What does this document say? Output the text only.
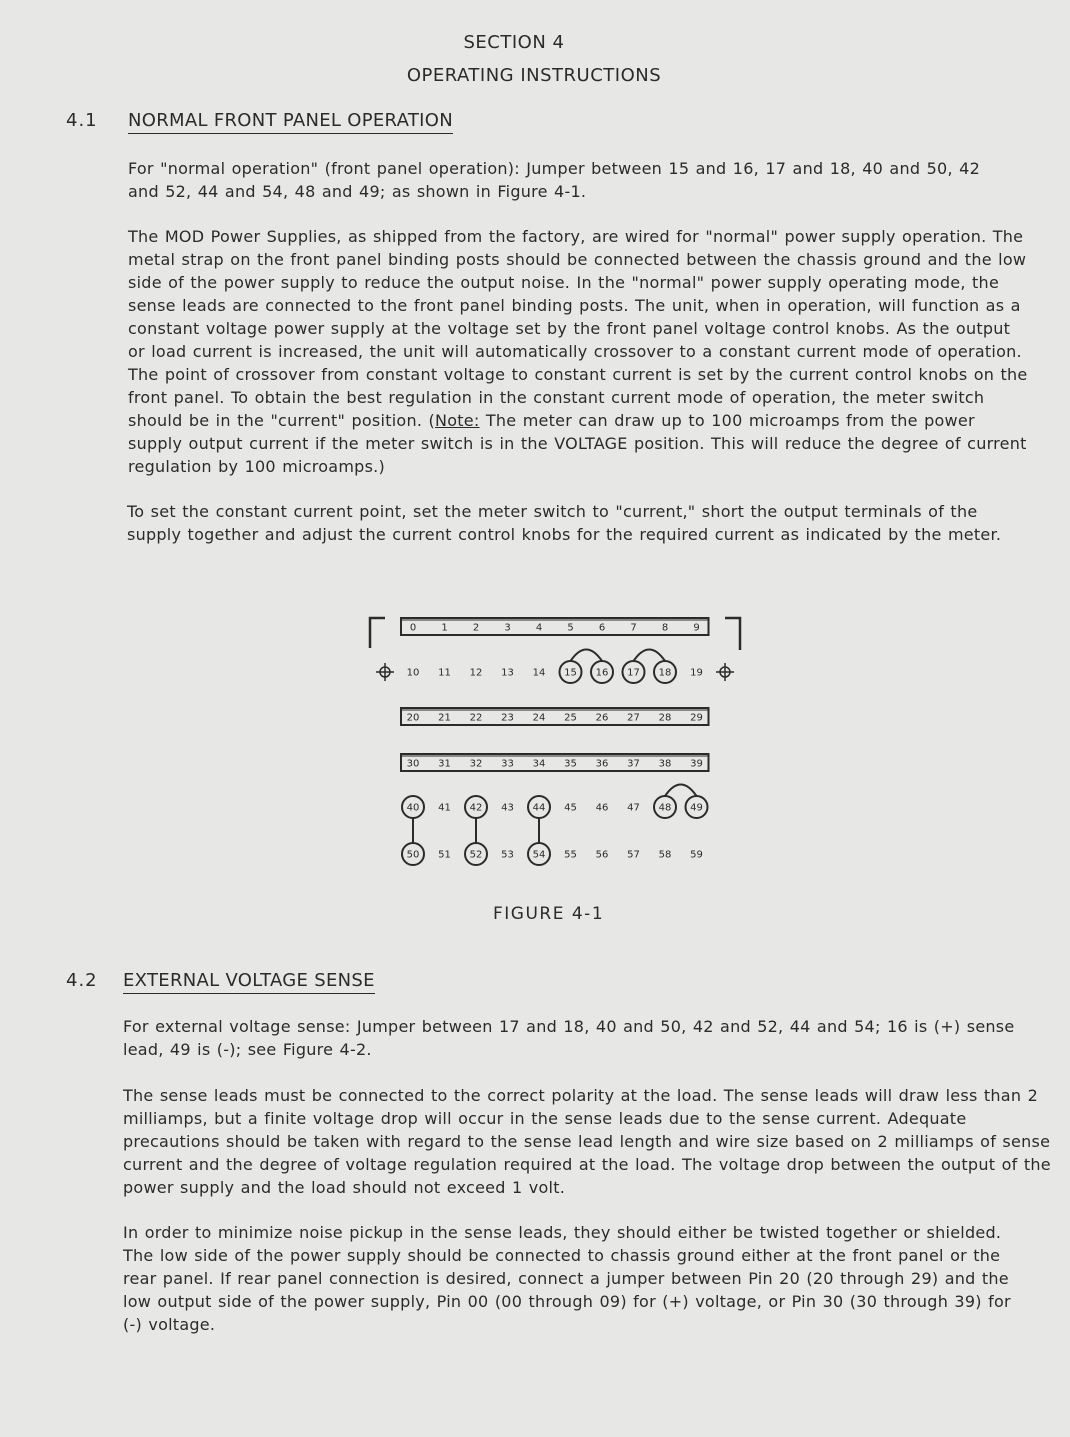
SECTION 4
OPERATING INSTRUCTIONS
4.1 NORMAL FRONT PANEL OPERATION

For "normal operation" (front panel operation): Jumper between 15 and 16, 17 and 18, 40 and 50, 42 and 52, 44 and 54, 48 and 49; as shown in Figure 4-1.

The MOD Power Supplies, as shipped from the factory, are wired for "normal" power supply operation. The metal strap on the front panel binding posts should be connected between the chassis ground and the low side of the power supply to reduce the output noise. In the "normal" power supply operating mode, the sense leads are connected to the front panel binding posts. The unit, when in operation, will function as a constant voltage power supply at the voltage set by the front panel voltage control knobs. As the output or load current is increased, the unit will automatically crossover to a constant current mode of operation. The point of crossover from constant voltage to constant current is set by the current control knobs on the front panel. To obtain the best regulation in the constant current mode of operation, the meter switch should be in the "current" position. (Note: The meter can draw up to 100 microamps from the power supply output current if the meter switch is in the VOLTAGE position. This will reduce the degree of current regulation by 100 microamps.)

To set the constant current point, set the meter switch to "current," short the output terminals of the supply together and adjust the current control knobs for the required current as indicated by the meter.

0	1	2	3	4	5	6	7	8	9
10 11 12 13 14 15 16 17 18 19
20 21 22 23 24 25 26 27 28 29
30 31 32 33 34 35 36 37 38 39
40 41 42 43 44 45 46 47 48 49
50 51 52 53 54 55 56 57 58 59
FIGURE 4-1
4.2 EXTERNAL VOLTAGE SENSE

For external voltage sense: Jumper between 17 and 18, 40 and 50, 42 and 52, 44 and 54; 16 is (+) sense lead, 49 is (-); see Figure 4-2.

The sense leads must be connected to the correct polarity at the load. The sense leads will draw less than 2 milliamps, but a finite voltage drop will occur in the sense leads due to the sense current. Adequate precautions should be taken with regard to the sense lead length and wire size based on 2 milliamps of sense current and the degree of voltage regulation required at the load. The voltage drop between the output of the power supply and the load should not exceed 1 volt.

In order to minimize noise pickup in the sense leads, they should either be twisted together or shielded. The low side of the power supply should be connected to chassis ground either at the front panel or the rear panel. If rear panel connection is desired, connect a jumper between Pin 20 (20 through 29) and the low output side of the power supply, Pin 00 (00 through 09) for (+) voltage, or Pin 30 (30 through 39) for (-) voltage.
